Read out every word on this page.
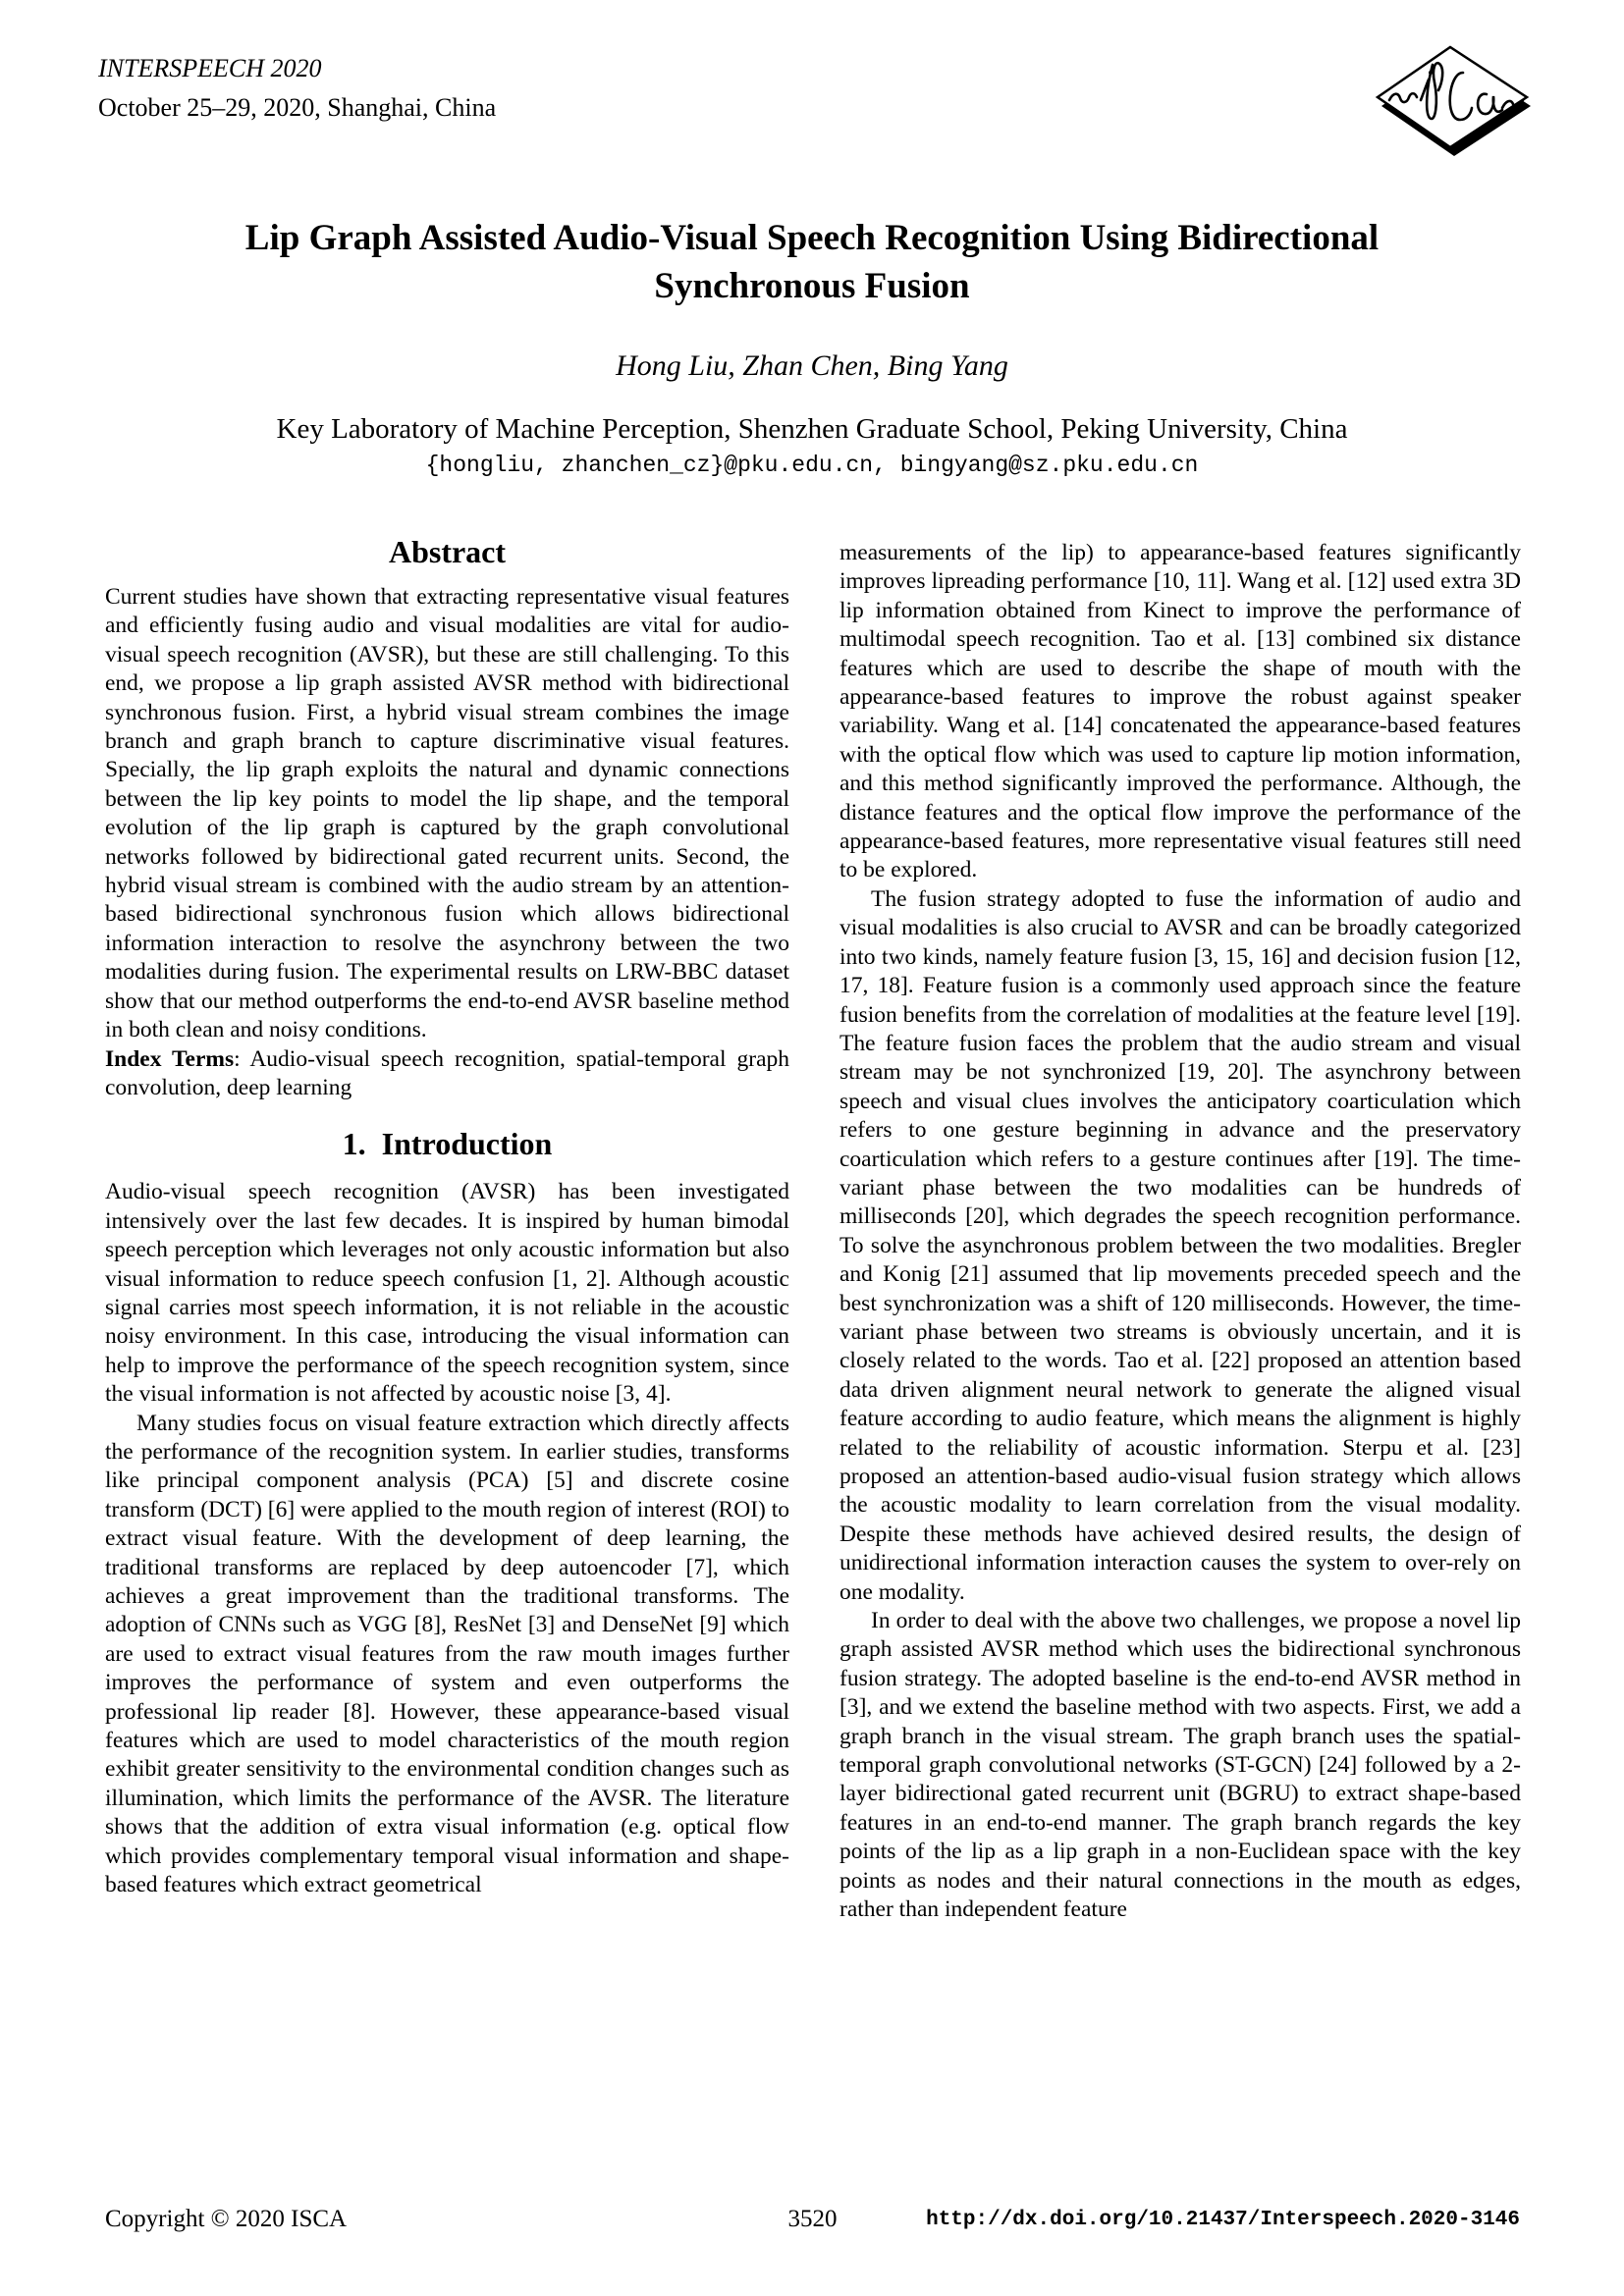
INTERSPEECH 2020
October 25–29, 2020, Shanghai, China
Lip Graph Assisted Audio-Visual Speech Recognition Using Bidirectional
Synchronous Fusion
Hong Liu, Zhan Chen, Bing Yang
Key Laboratory of Machine Perception, Shenzhen Graduate School, Peking University, China
{hongliu, zhanchen_cz}@pku.edu.cn, bingyang@sz.pku.edu.cn
Abstract

Current studies have shown that extracting representative visual features and efficiently fusing audio and visual modalities are vital for audio-visual speech recognition (AVSR), but these are still challenging. To this end, we propose a lip graph assisted AVSR method with bidirectional synchronous fusion. First, a hybrid visual stream combines the image branch and graph branch to capture discriminative visual features. Specially, the lip graph exploits the natural and dynamic connections between the lip key points to model the lip shape, and the temporal evolution of the lip graph is captured by the graph convolutional networks followed by bidirectional gated recurrent units. Second, the hybrid visual stream is combined with the audio stream by an attention-based bidirectional synchronous fusion which allows bidirectional information interaction to resolve the asynchrony between the two modalities during fusion. The experimental results on LRW-BBC dataset show that our method outperforms the end-to-end AVSR baseline method in both clean and noisy conditions.

Index Terms: Audio-visual speech recognition, spatial-temporal graph convolution, deep learning

1. Introduction

Audio-visual speech recognition (AVSR) has been investigated intensively over the last few decades. It is inspired by human bimodal speech perception which leverages not only acoustic information but also visual information to reduce speech confusion [1, 2]. Although acoustic signal carries most speech information, it is not reliable in the acoustic noisy environment. In this case, introducing the visual information can help to improve the performance of the speech recognition system, since the visual information is not affected by acoustic noise [3, 4].

Many studies focus on visual feature extraction which directly affects the performance of the recognition system. In earlier studies, transforms like principal component analysis (PCA) [5] and discrete cosine transform (DCT) [6] were applied to the mouth region of interest (ROI) to extract visual feature. With the development of deep learning, the traditional transforms are replaced by deep autoencoder [7], which achieves a great improvement than the traditional transforms. The adoption of CNNs such as VGG [8], ResNet [3] and DenseNet [9] which are used to extract visual features from the raw mouth images further improves the performance of system and even outperforms the professional lip reader [8]. However, these appearance-based visual features which are used to model characteristics of the mouth region exhibit greater sensitivity to the environmental condition changes such as illumination, which limits the performance of the AVSR. The literature shows that the addition of extra visual information (e.g. optical flow which provides complementary temporal visual information and shape-based features which extract geometrical

measurements of the lip) to appearance-based features significantly improves lipreading performance [10, 11]. Wang et al. [12] used extra 3D lip information obtained from Kinect to improve the performance of multimodal speech recognition. Tao et al. [13] combined six distance features which are used to describe the shape of mouth with the appearance-based features to improve the robust against speaker variability. Wang et al. [14] concatenated the appearance-based features with the optical flow which was used to capture lip motion information, and this method significantly improved the performance. Although, the distance features and the optical flow improve the performance of the appearance-based features, more representative visual features still need to be explored.

The fusion strategy adopted to fuse the information of audio and visual modalities is also crucial to AVSR and can be broadly categorized into two kinds, namely feature fusion [3, 15, 16] and decision fusion [12, 17, 18]. Feature fusion is a commonly used approach since the feature fusion benefits from the correlation of modalities at the feature level [19]. The feature fusion faces the problem that the audio stream and visual stream may be not synchronized [19, 20]. The asynchrony between speech and visual clues involves the anticipatory coarticulation which refers to one gesture beginning in advance and the preservatory coarticulation which refers to a gesture continues after [19]. The time-variant phase between the two modalities can be hundreds of milliseconds [20], which degrades the speech recognition performance. To solve the asynchronous problem between the two modalities. Bregler and Konig [21] assumed that lip movements preceded speech and the best synchronization was a shift of 120 milliseconds. However, the time-variant phase between two streams is obviously uncertain, and it is closely related to the words. Tao et al. [22] proposed an attention based data driven alignment neural network to generate the aligned visual feature according to audio feature, which means the alignment is highly related to the reliability of acoustic information. Sterpu et al. [23] proposed an attention-based audio-visual fusion strategy which allows the acoustic modality to learn correlation from the visual modality. Despite these methods have achieved desired results, the design of unidirectional information interaction causes the system to over-rely on one modality.

In order to deal with the above two challenges, we propose a novel lip graph assisted AVSR method which uses the bidirectional synchronous fusion strategy. The adopted baseline is the end-to-end AVSR method in [3], and we extend the baseline method with two aspects. First, we add a graph branch in the visual stream. The graph branch uses the spatial-temporal graph convolutional networks (ST-GCN) [24] followed by a 2-layer bidirectional gated recurrent unit (BGRU) to extract shape-based features in an end-to-end manner. The graph branch regards the key points of the lip as a lip graph in a non-Euclidean space with the key points as nodes and their natural connections in the mouth as edges, rather than independent feature

Copyright © 2020 ISCA	3520	http://dx.doi.org/10.21437/Interspeech.2020-3146
